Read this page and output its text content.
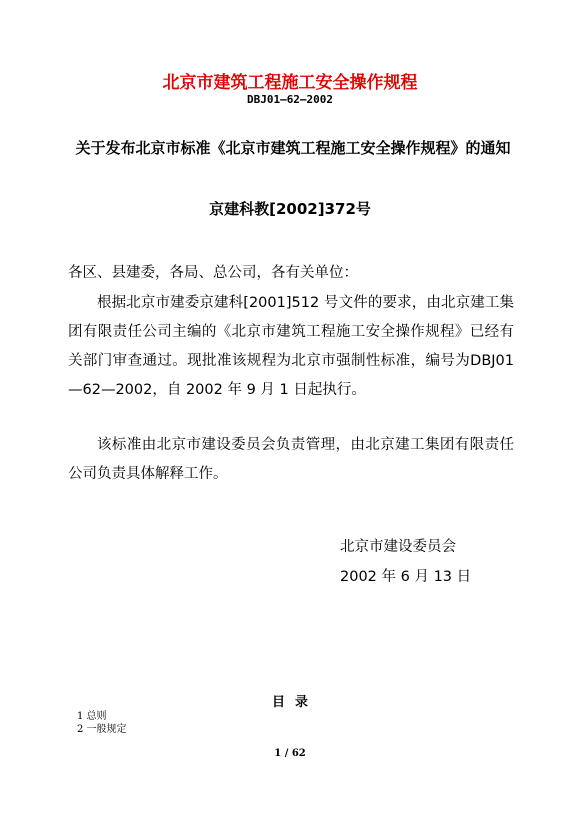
北京市建筑工程施工安全操作规程
DBJ01—62—2002
关于发布北京市标准《北京市建筑工程施工安全操作规程》的通知
京建科教[2002]372号
各区、县建委，各局、总公司，各有关单位：
根据北京市建委京建科[2001]512 号文件的要求，由北京建工集团有限责任公司主编的《北京市建筑工程施工安全操作规程》已经有关部门审查通过。现批准该规程为北京市强制性标准，编号为DBJ01—62—2002，自 2002 年 9 月 1 日起执行。
该标准由北京市建设委员会负责管理，由北京建工集团有限责任公司负责具体解释工作。
北京市建设委员会
2002 年 6 月 13 日
目录
1 总则
2 一般规定
1 / 62
